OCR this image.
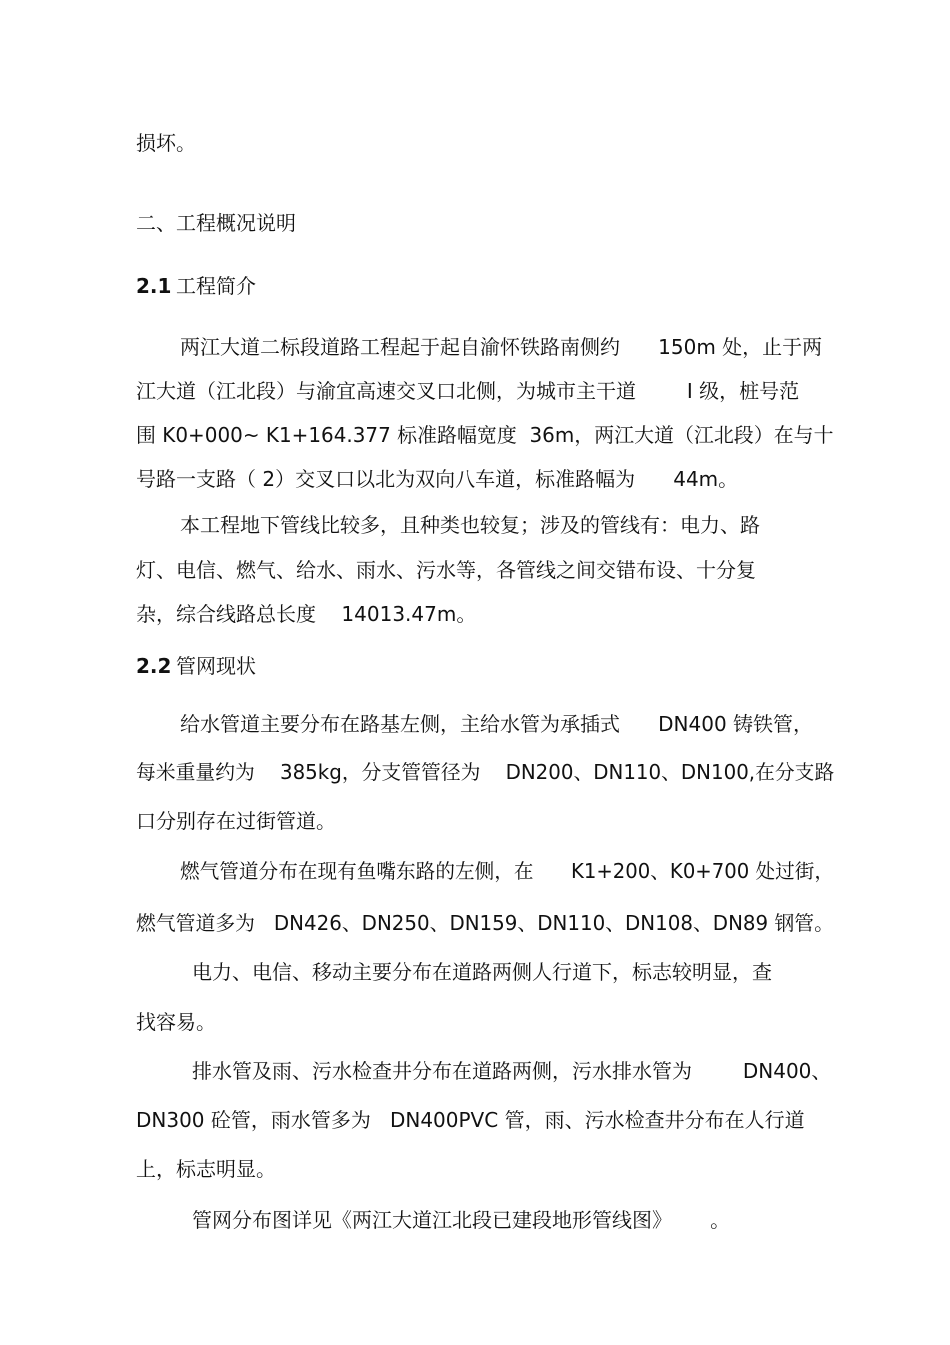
损坏。
二、工程概况说明
2.1 工程简介
两江大道二标段道路工程起于起自渝怀铁路南侧约      150m 处，止于两
江大道（江北段）与渝宜高速交叉口北侧，为城市主干道        Ⅰ 级，桩号范
围 K0+000~ K1+164.377 标准路幅宽度  36m，两江大道（江北段）在与十
号路一支路（ 2）交叉口以北为双向八车道，标准路幅为      44m。
本工程地下管线比较多，且种类也较复；涉及的管线有：电力、路
灯、电信、燃气、给水、雨水、污水等，各管线之间交错布设、十分复
杂，综合线路总长度    14013.47m。
2.2 管网现状
给水管道主要分布在路基左侧，主给水管为承插式      DN400 铸铁管，
每米重量约为    385kg，分支管管径为    DN200、DN110、DN100,在分支路
口分别存在过街管道。
燃气管道分布在现有鱼嘴东路的左侧，在      K1+200、K0+700 处过街，
燃气管道多为   DN426、DN250、DN159、DN110、DN108、DN89 钢管。
电力、电信、移动主要分布在道路两侧人行道下，标志较明显，查
找容易。
排水管及雨、污水检查井分布在道路两侧，污水排水管为        DN400、
DN300 砼管，雨水管多为   DN400PVC 管，雨、污水检查井分布在人行道
上，标志明显。
管网分布图详见《两江大道江北段已建段地形管线图》      。
